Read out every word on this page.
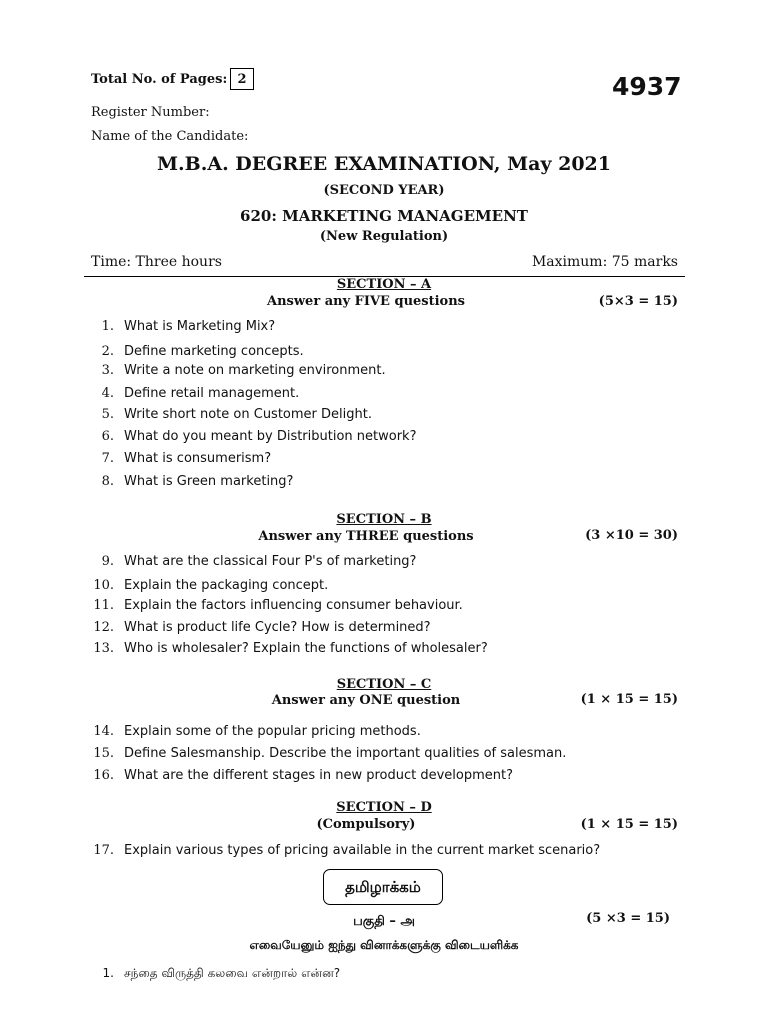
Total No. of Pages: 2	4937
Register Number:
Name of the Candidate:
M.B.A. DEGREE EXAMINATION, May 2021
(SECOND YEAR)
620: MARKETING MANAGEMENT
(New Regulation)
Time: Three hours	Maximum: 75 marks
SECTION – A
Answer any FIVE questions	(5×3 = 15)
1. What is Marketing Mix?
2. Define marketing concepts.
3. Write a note on marketing environment.
4. Define retail management.
5. Write short note on Customer Delight.
6. What do you meant by Distribution network?
7. What is consumerism?
8. What is Green marketing?
SECTION – B
Answer any THREE questions	(3 ×10 = 30)
9. What are the classical Four P's of marketing?
10. Explain the packaging concept.
11. Explain the factors influencing consumer behaviour.
12. What is product life Cycle? How is determined?
13. Who is wholesaler? Explain the functions of wholesaler?
SECTION – C
Answer any ONE question	(1 × 15 = 15)
14. Explain some of the popular pricing methods.
15. Define Salesmanship. Describe the important qualities of salesman.
16. What are the different stages in new product development?
SECTION – D
(Compulsory)	(1 × 15 = 15)
17. Explain various types of pricing available in the current market scenario?
தமிழாக்கம்
பகுதி – அ	(5 ×3 = 15)
எவையேனும் ஐந்து வினாக்களுக்கு விடையளிக்க
1. சந்தை விருத்தி கலவை என்றால் என்ன?
